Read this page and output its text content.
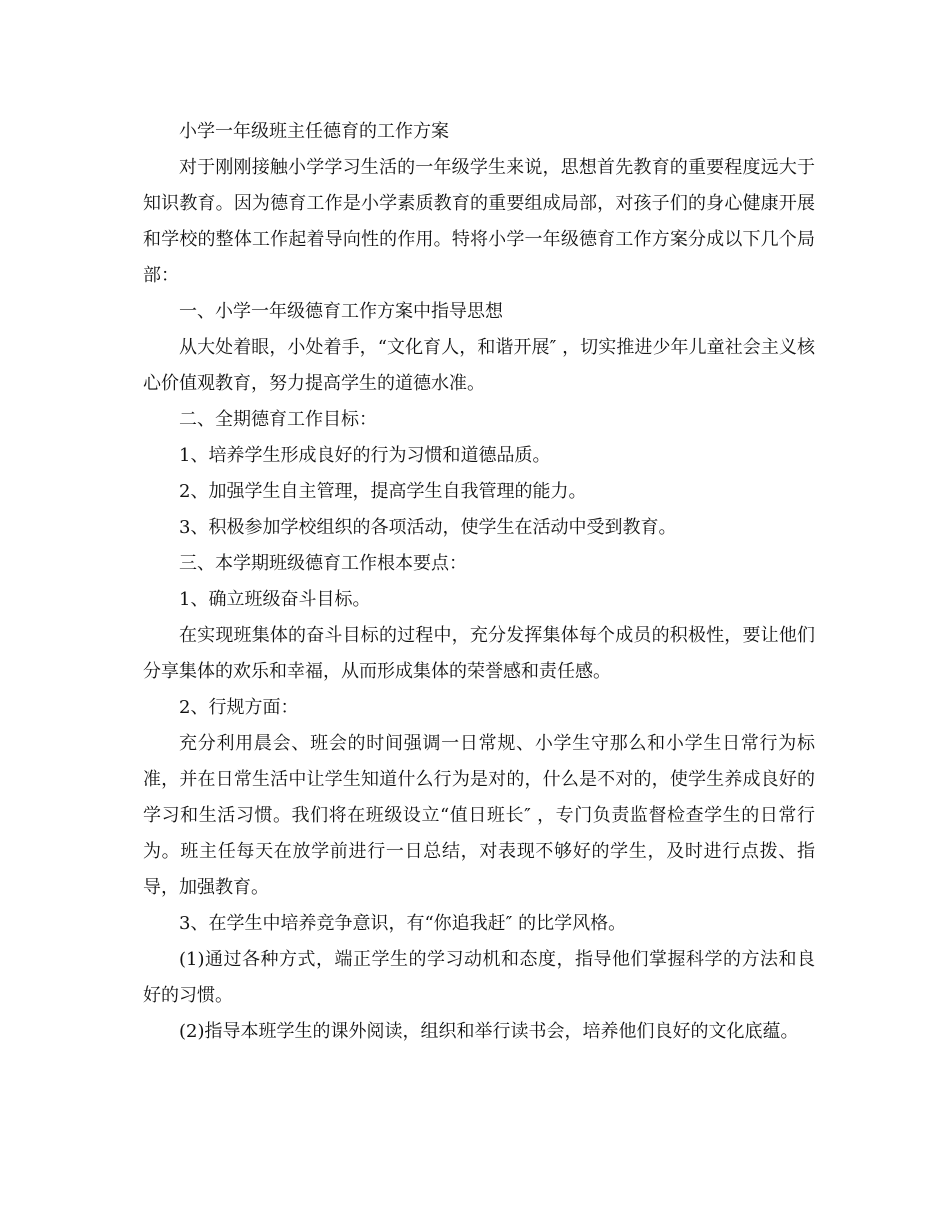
小学一年级班主任德育的工作方案

对于刚刚接触小学学习生活的一年级学生来说，思想首先教育的重要程度远大于知识教育。因为德育工作是小学素质教育的重要组成局部，对孩子们的身心健康开展和学校的整体工作起着导向性的作用。特将小学一年级德育工作方案分成以下几个局部：

一、小学一年级德育工作方案中指导思想

从大处着眼，小处着手，“文化育人，和谐开展″ ，切实推进少年儿童社会主义核心价值观教育，努力提高学生的道德水准。

二、全期德育工作目标：

1、培养学生形成良好的行为习惯和道德品质。

2、加强学生自主管理，提高学生自我管理的能力。

3、积极参加学校组织的各项活动，使学生在活动中受到教育。

三、本学期班级德育工作根本要点：

1、确立班级奋斗目标。

在实现班集体的奋斗目标的过程中，充分发挥集体每个成员的积极性，要让他们分享集体的欢乐和幸福，从而形成集体的荣誉感和责任感。

2、行规方面：

充分利用晨会、班会的时间强调一日常规、小学生守那么和小学生日常行为标准，并在日常生活中让学生知道什么行为是对的，什么是不对的，使学生养成良好的学习和生活习惯。我们将在班级设立“值日班长″ ，专门负责监督检查学生的日常行为。班主任每天在放学前进行一日总结，对表现不够好的学生，及时进行点拨、指导，加强教育。

3、在学生中培养竞争意识，有“你追我赶″ 的比学风格。

(1)通过各种方式，端正学生的学习动机和态度，指导他们掌握科学的方法和良好的习惯。

(2)指导本班学生的课外阅读，组织和举行读书会，培养他们良好的文化底蕴。
